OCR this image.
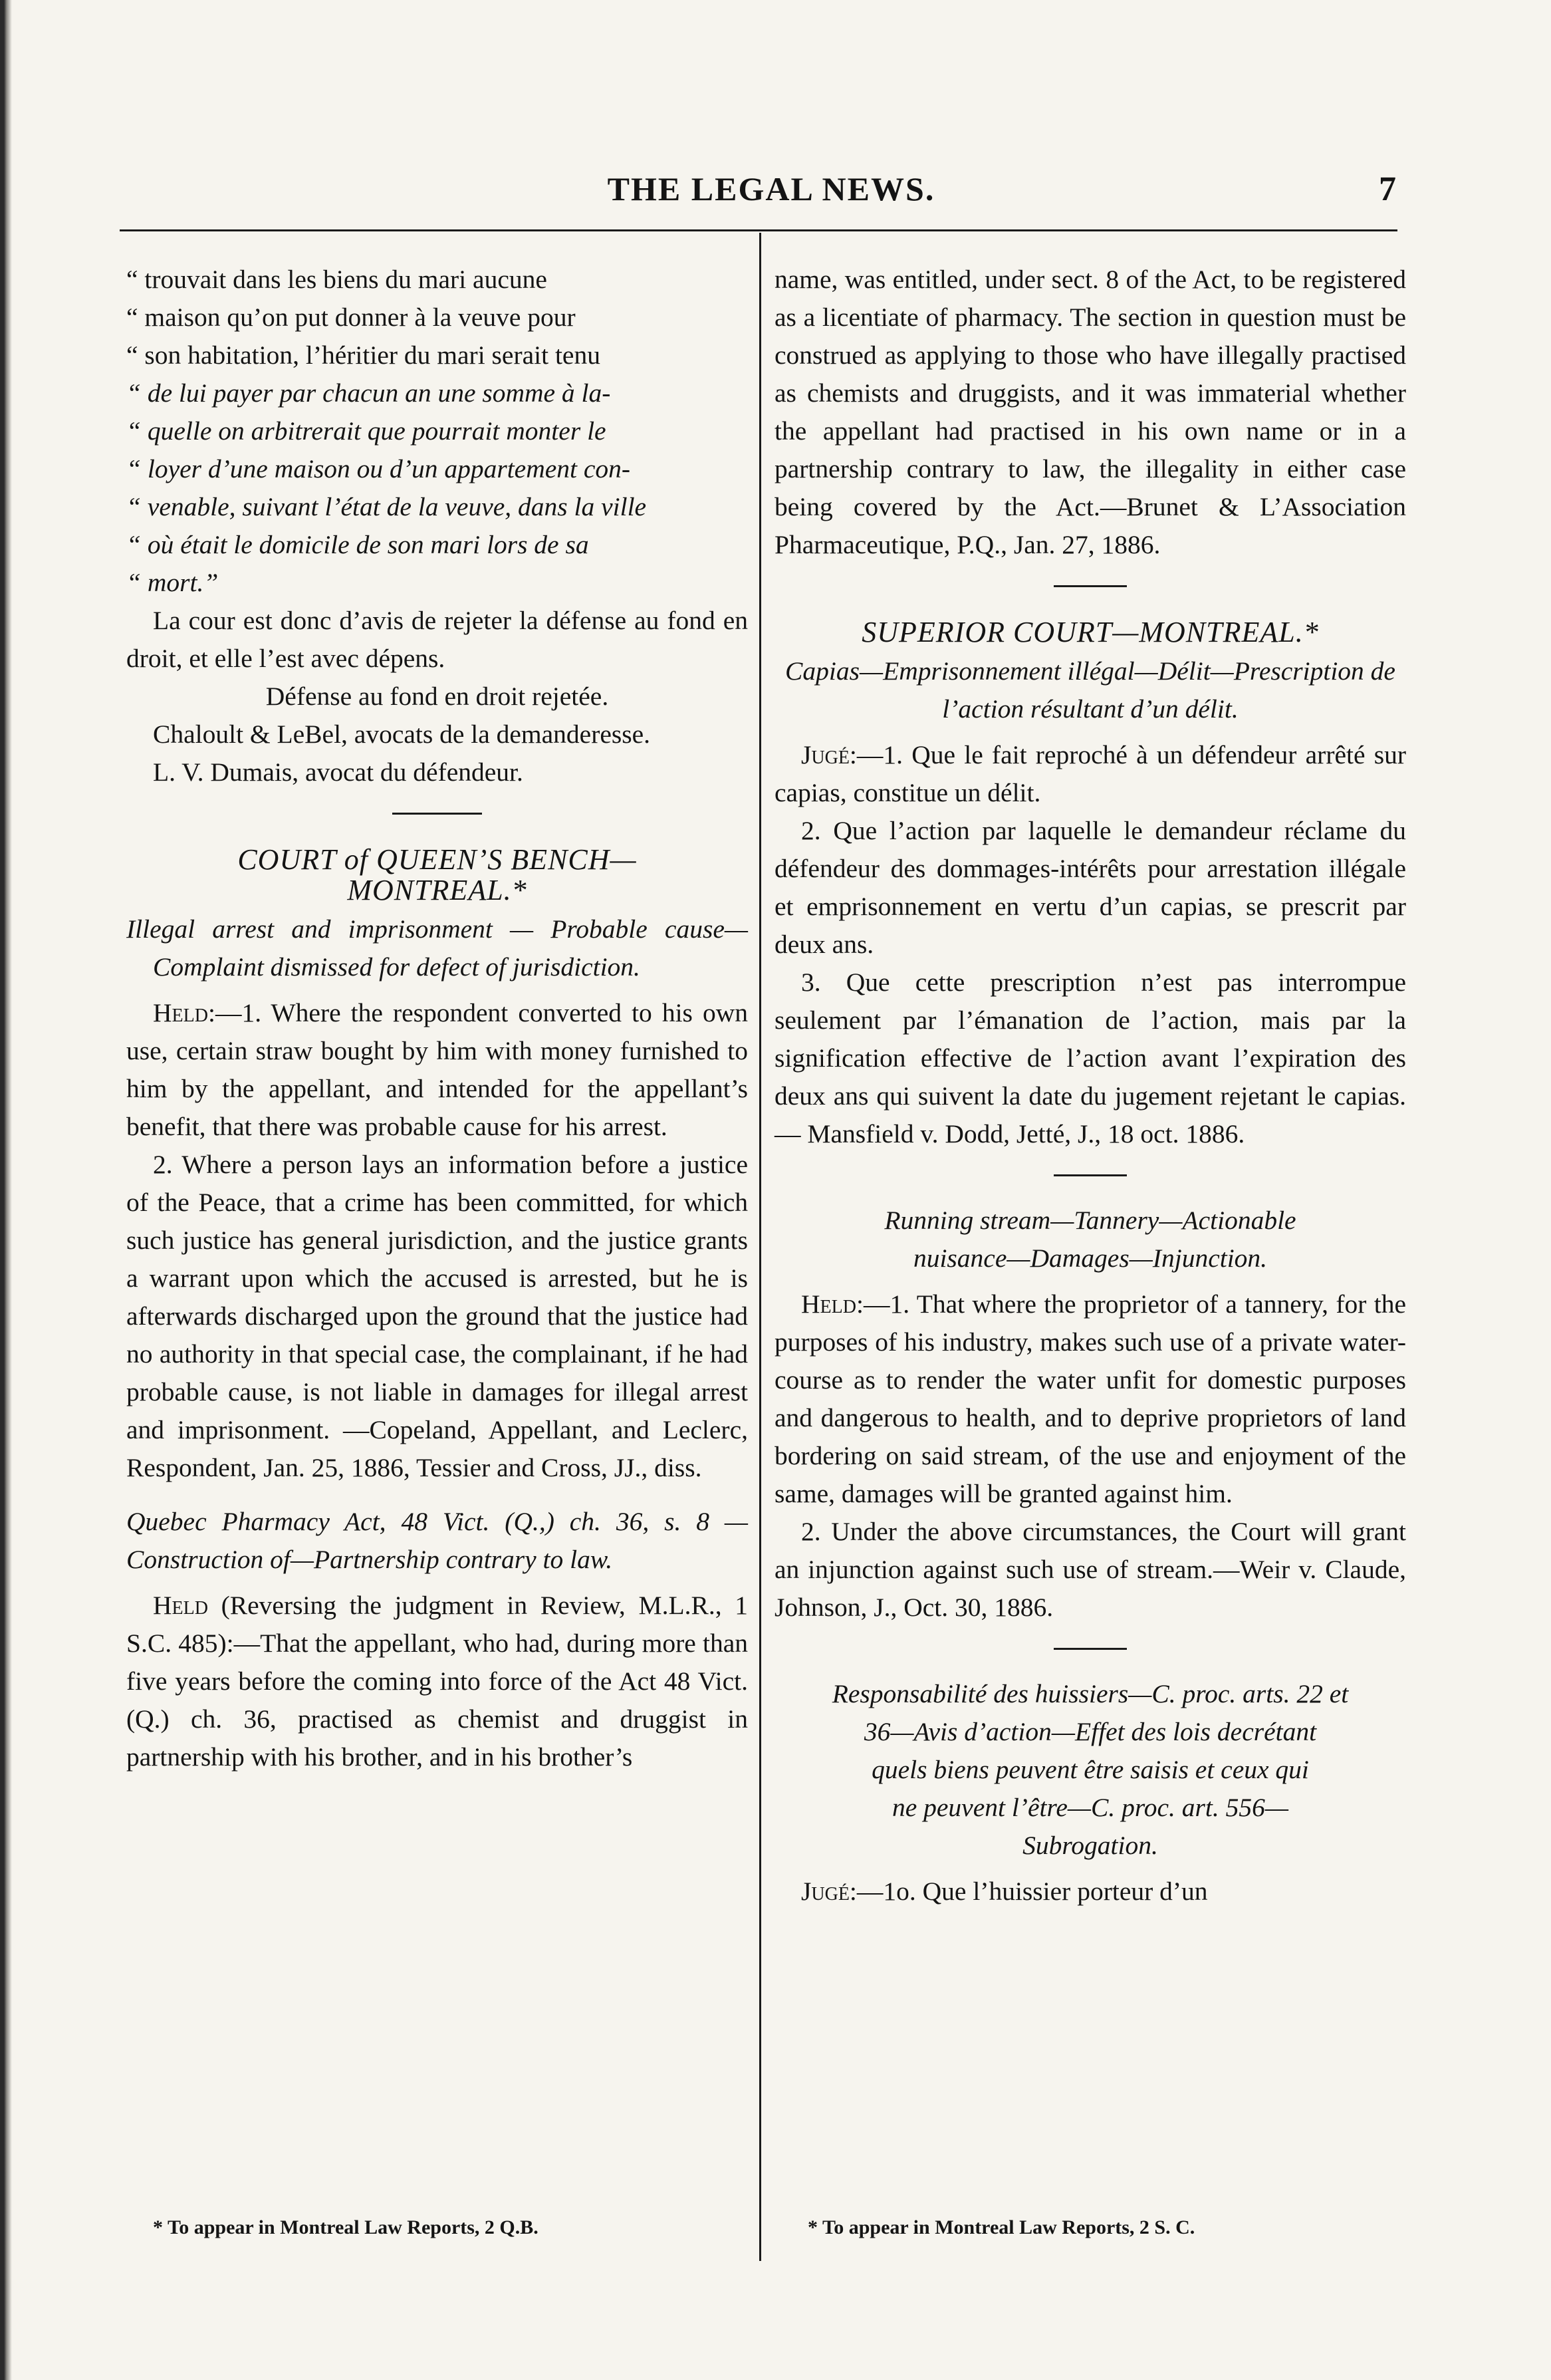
THE LEGAL NEWS.	7
“ trouvait dans les biens du mari aucune
“ maison qu’on put donner à la veuve pour
“ son habitation, l’héritier du mari serait tenu
“ de lui payer par chacun an une somme à la-
“ quelle on arbitrerait que pourrait monter le
“ loyer d’une maison ou d’un appartement con-
“ venable, suivant l’état de la veuve, dans la ville
“ où était le domicile de son mari lors de sa
“ mort.”

La cour est donc d’avis de rejeter la défense au fond en droit, et elle l’est avec dépens.

Défense au fond en droit rejetée.

Chaloult & LeBel, avocats de la demanderesse.

L. V. Dumais, avocat du défendeur.

COURT of QUEEN’S BENCH—

MONTREAL.*

Illegal arrest and imprisonment — Probable cause—Complaint dismissed for defect of jurisdiction.

Held:—1. Where the respondent converted to his own use, certain straw bought by him with money furnished to him by the appellant, and intended for the appellant’s benefit, that there was probable cause for his arrest.

2. Where a person lays an information before a justice of the Peace, that a crime has been committed, for which such justice has general jurisdiction, and the justice grants a warrant upon which the accused is arrested, but he is afterwards discharged upon the ground that the justice had no authority in that special case, the complainant, if he had probable cause, is not liable in damages for illegal arrest and imprisonment. —Copeland, Appellant, and Leclerc, Respondent, Jan. 25, 1886, Tessier and Cross, JJ., diss.

Quebec Pharmacy Act, 48 Vict. (Q.,) ch. 36, s. 8 —Construction of—Partnership contrary to law.

Held (Reversing the judgment in Review, M.L.R., 1 S.C. 485):—That the appellant, who had, during more than five years before the coming into force of the Act 48 Vict. (Q.) ch. 36, practised as chemist and druggist in partnership with his brother, and in his brother’s

* To appear in Montreal Law Reports, 2 Q.B.

name, was entitled, under sect. 8 of the Act, to be registered as a licentiate of pharmacy. The section in question must be construed as applying to those who have illegally practised as chemists and druggists, and it was immaterial whether the appellant had practised in his own name or in a partnership contrary to law, the illegality in either case being covered by the Act.—Brunet & L’Association Pharmaceutique, P.Q., Jan. 27, 1886.

SUPERIOR COURT—MONTREAL.*

Capias—Emprisonnement illégal—Délit—Prescription de l’action résultant d’un délit.

Jugé:—1. Que le fait reproché à un défendeur arrêté sur capias, constitue un délit.

2. Que l’action par laquelle le demandeur réclame du défendeur des dommages-intérêts pour arrestation illégale et emprisonnement en vertu d’un capias, se prescrit par deux ans.

3. Que cette prescription n’est pas interrompue seulement par l’émanation de l’action, mais par la signification effective de l’action avant l’expiration des deux ans qui suivent la date du jugement rejetant le capias.— Mansfield v. Dodd, Jetté, J., 18 oct. 1886.

Running stream—Tannery—Actionable

nuisance—Damages—Injunction.

Held:—1. That where the proprietor of a tannery, for the purposes of his industry, makes such use of a private water-course as to render the water unfit for domestic purposes and dangerous to health, and to deprive proprietors of land bordering on said stream, of the use and enjoyment of the same, damages will be granted against him.

2. Under the above circumstances, the Court will grant an injunction against such use of stream.—Weir v. Claude, Johnson, J., Oct. 30, 1886.

Responsabilité des huissiers—C. proc. arts. 22 et

36—Avis d’action—Effet des lois decrétant

quels biens peuvent être saisis et ceux qui

ne peuvent l’être—C. proc. art. 556—

Subrogation.

Jugé:—1o. Que l’huissier porteur d’un

* To appear in Montreal Law Reports, 2 S. C.
